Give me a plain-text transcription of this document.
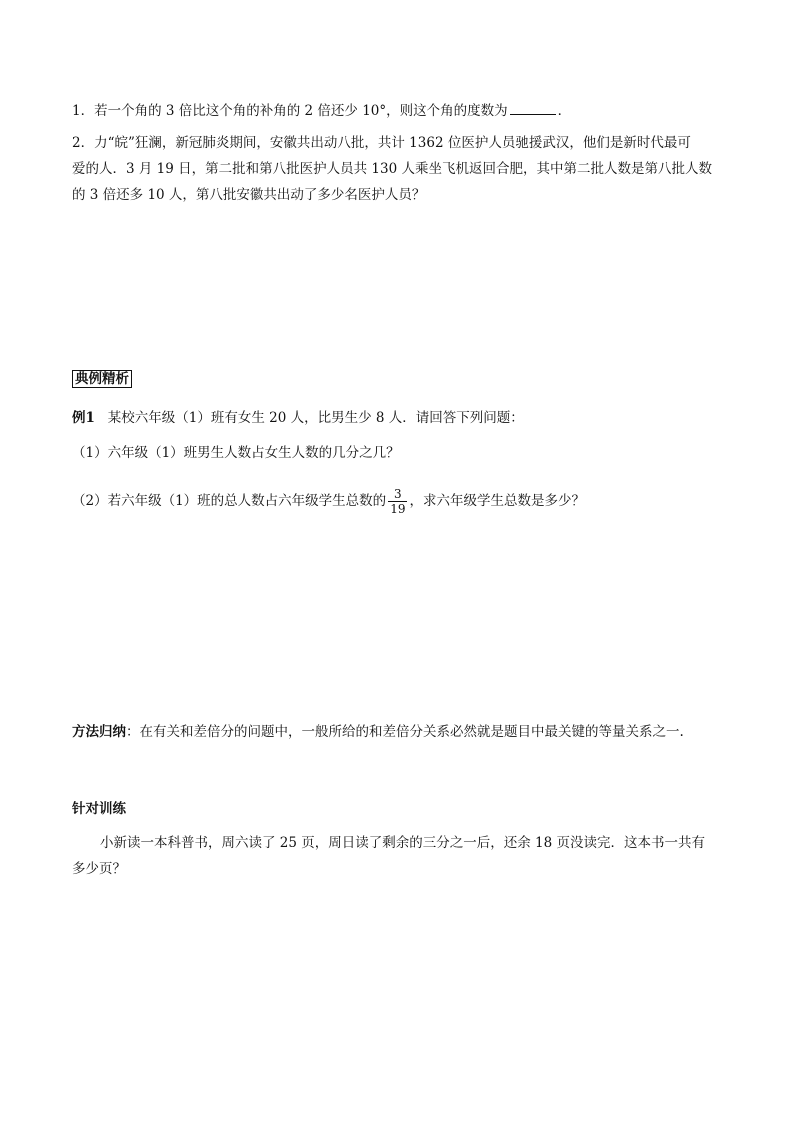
1．若一个角的 3 倍比这个角的补角的 2 倍还少 10°，则这个角的度数为	．
2．力“皖”狂澜，新冠肺炎期间，安徽共出动八批，共计 1362 位医护人员驰援武汉，他们是新时代最可
爱的人．3 月 19 日，第二批和第八批医护人员共 130 人乘坐飞机返回合肥，其中第二批人数是第八批人数
的 3 倍还多 10 人，第八批安徽共出动了多少名医护人员？
典例精析
例1 某校六年级（1）班有女生 20 人，比男生少 8 人．请回答下列问题：
（1）六年级（1）班男生人数占女生人数的几分之几？
（2）若六年级（1）班的总人数占六年级学生总数的 $\frac{3}{19}$ ，求六年级学生总数是多少？
方法归纳：在有关和差倍分的问题中，一般所给的和差倍分关系必然就是题目中最关键的等量关系之一.
针对训练
小新读一本科普书，周六读了 25 页，周日读了剩余的三分之一后，还余 18 页没读完．这本书一共有
多少页？
